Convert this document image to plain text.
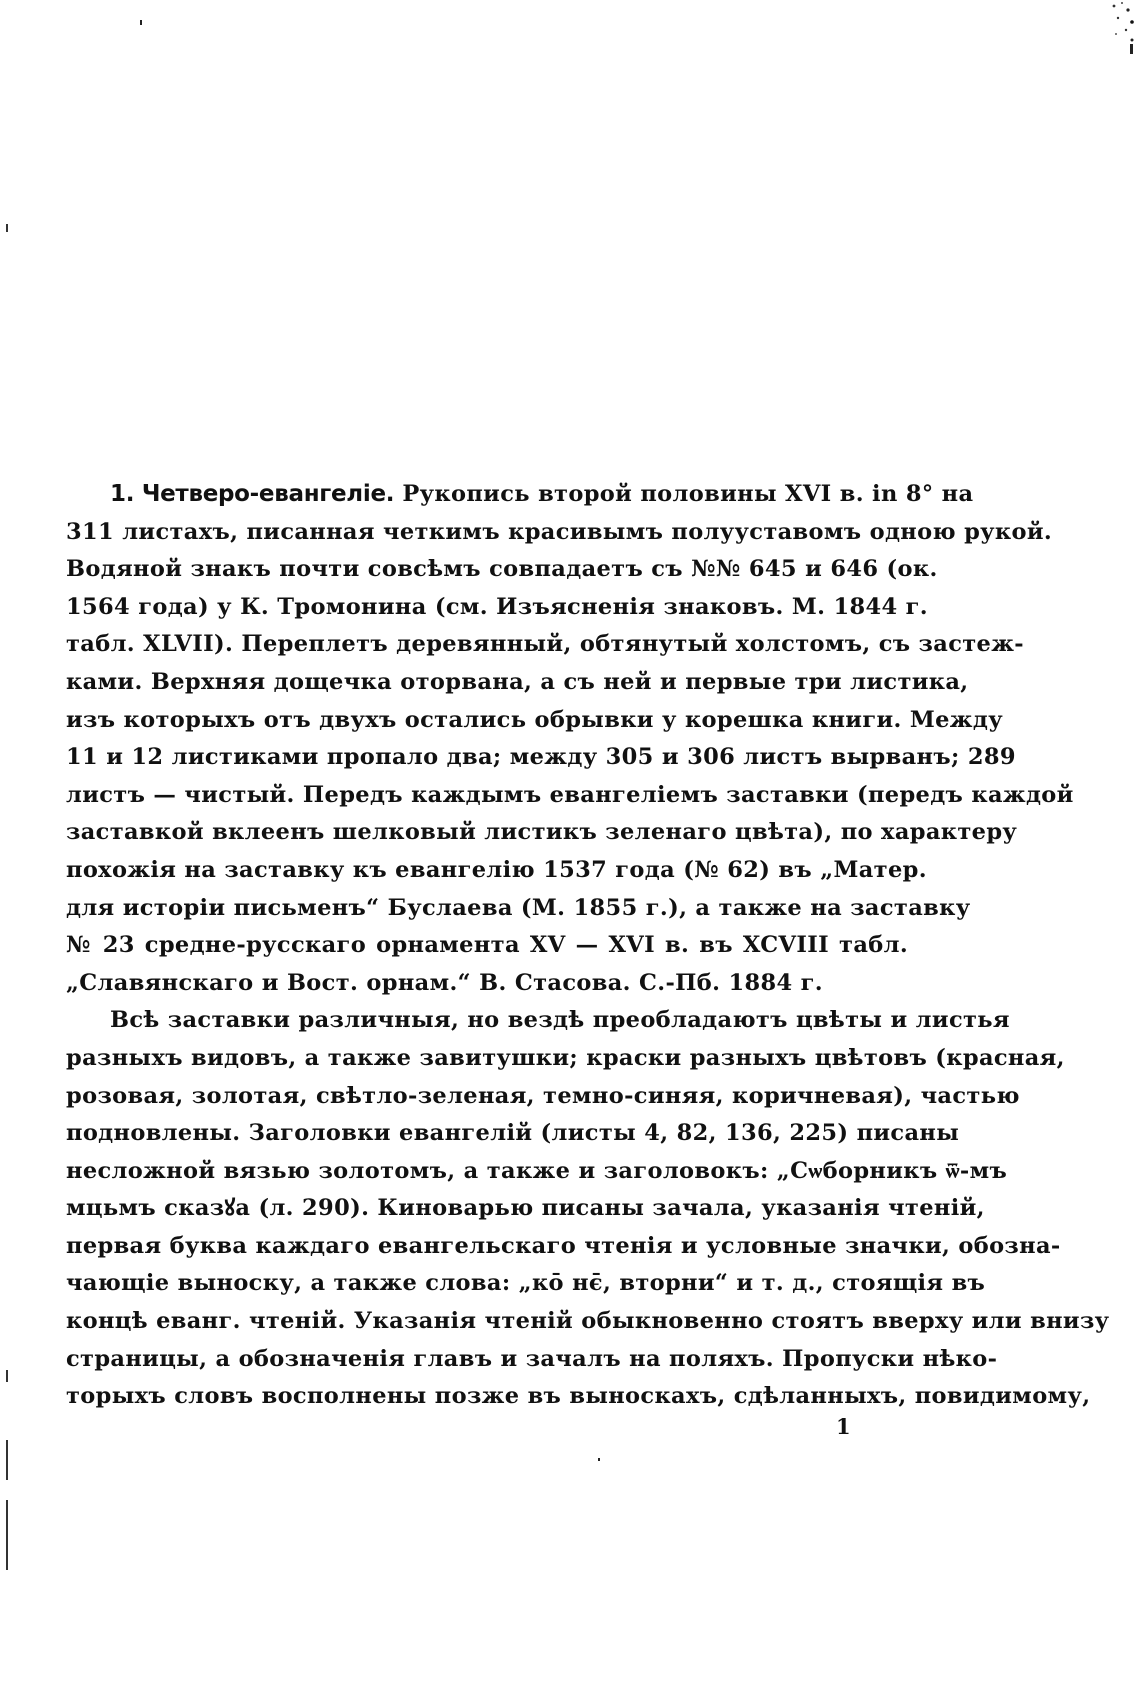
1. Четверо-евангеліе. Рукопись второй половины XVI в. in 8° на
311 листахъ, писанная четкимъ красивымъ полууставомъ одною рукой.
Водяной знакъ почти совсѣмъ совпадаетъ съ №№ 645 и 646 (ок.
1564 года) у К. Тромонина (см. Изъясненія знаковъ. М. 1844 г.
табл. XLVII). Переплетъ деревянный, обтянутый холстомъ, съ застеж-
ками. Верхняя дощечка оторвана, а съ ней и первые три листика,
изъ которыхъ отъ двухъ остались обрывки у корешка книги. Между
11 и 12 листиками пропало два; между 305 и 306 листъ вырванъ; 289
листъ — чистый. Передъ каждымъ евангеліемъ заставки (передъ каждой
заставкой вклеенъ шелковый листикъ зеленаго цвѣта), по характеру
похожія на заставку къ евангелію 1537 года (№ 62) въ „Матер.
для исторіи письменъ“ Буслаева (М. 1855 г.), а также на заставку
№ 23 средне-русскаго орнамента XV — XVI в. въ XCVIII табл.
„Славянскаго и Вост. орнам.“ В. Стасова. С.-Пб. 1884 г.
Всѣ заставки различныя, но вездѣ преобладаютъ цвѣты и листья
разныхъ видовъ, а также завитушки; краски разныхъ цвѣтовъ (красная,
розовая, золотая, свѣтло-зеленая, темно-синяя, коричневая), частью
подновлены. Заголовки евангелій (листы 4, 82, 136, 225) писаны
несложной вязью золотомъ, а также и заголовокъ: „Сѡборникъ ѿ-мъ
мцьмъ сказꙋа (л. 290). Киноварью писаны зачала, указанія чтеній,
первая буква каждаго евангельскаго чтенія и условные значки, обозна-
чающіе выноску, а также слова: „ко̄ нє̄, вторни“ и т. д., стоящія въ
концѣ еванг. чтеній. Указанія чтеній обыкновенно стоятъ вверху или внизу
страницы, а обозначенія главъ и зачалъ на поляхъ. Пропуски нѣко-
торыхъ словъ восполнены позже въ выноскахъ, сдѣланныхъ, повидимому,
1
